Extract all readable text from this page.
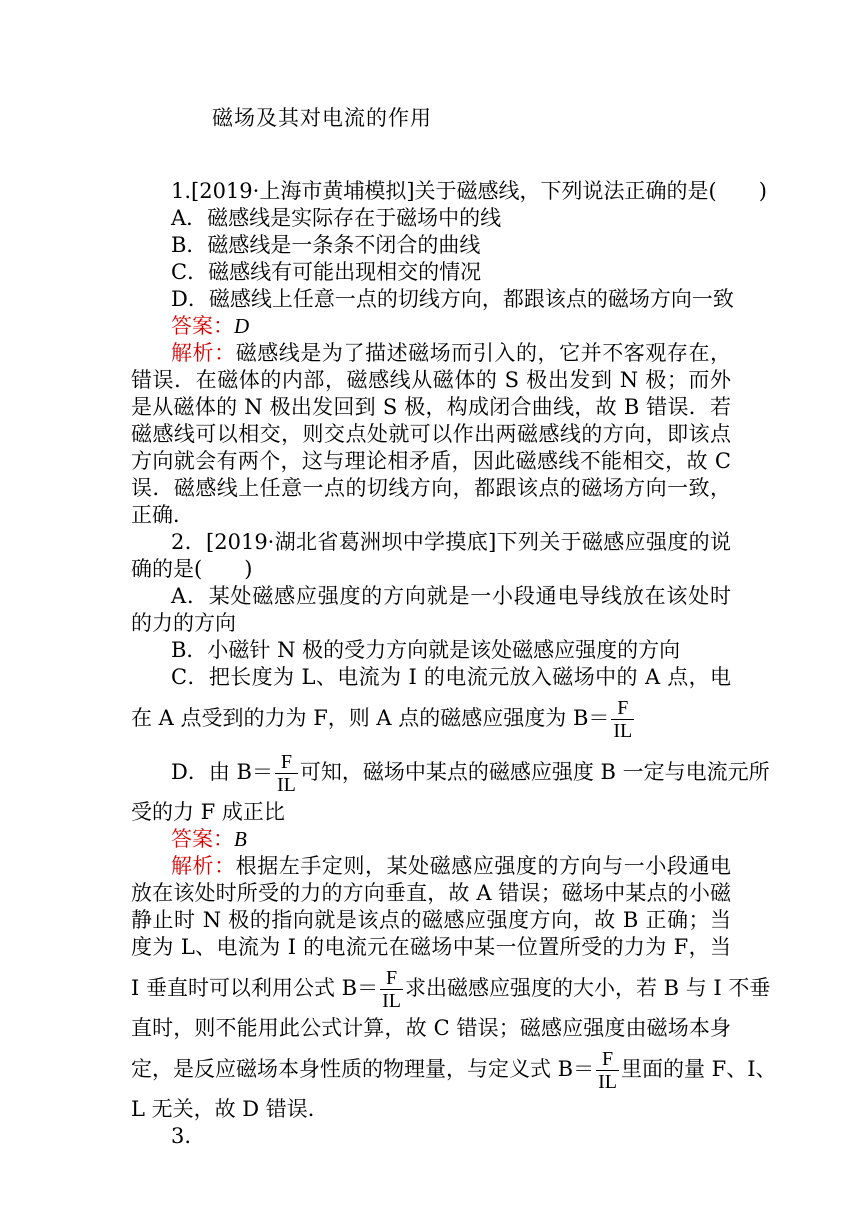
磁场及其对电流的作用
1.[2019·上海市黄埔模拟]关于磁感线，下列说法正确的是(　　)
A．磁感线是实际存在于磁场中的线
B．磁感线是一条条不闭合的曲线
C．磁感线有可能出现相交的情况
D．磁感线上任意一点的切线方向，都跟该点的磁场方向一致
答案：D
解析：磁感线是为了描述磁场而引入的，它并不客观存在，
错误．在磁体的内部，磁感线从磁体的 S 极出发到 N 极；而外
是从磁体的 N 极出发回到 S 极，构成闭合曲线，故 B 错误．若
磁感线可以相交，则交点处就可以作出两磁感线的方向，即该点
方向就会有两个，这与理论相矛盾，因此磁感线不能相交，故 C
误．磁感线上任意一点的切线方向，都跟该点的磁场方向一致，
正确．
2．[2019·湖北省葛洲坝中学摸底]下列关于磁感应强度的说
确的是(　　)
A．某处磁感应强度的方向就是一小段通电导线放在该处时
的力的方向
B．小磁针 N 极的受力方向就是该处磁感应强度的方向
C．把长度为 L、电流为 I 的电流元放入磁场中的 A 点，电
在 A 点受到的力为 F，则 A 点的磁感应强度为 $B= \frac{F}{IL}$
D．由 $B= \frac{F}{IL}$ 可知，磁场中某点的磁感应强度 B 一定与电流元所
受的力 F 成正比
答案：B
解析：根据左手定则，某处磁感应强度的方向与一小段通电
放在该处时所受的力的方向垂直，故 A 错误；磁场中某点的小磁
静止时 N 极的指向就是该点的磁感应强度方向，故 B 正确；当
度为 L、电流为 I 的电流元在磁场中某一位置所受的力为 F，当
I 垂直时可以利用公式 $B= \frac{F}{IL}$ 求出磁感应强度的大小，若 B 与 I 不垂
直时，则不能用此公式计算，故 C 错误；磁感应强度由磁场本身
定，是反应磁场本身性质的物理量，与定义式 $B= \frac{F}{IL}$ 里面的量 F、I、
L 无关，故 D 错误．
3.
